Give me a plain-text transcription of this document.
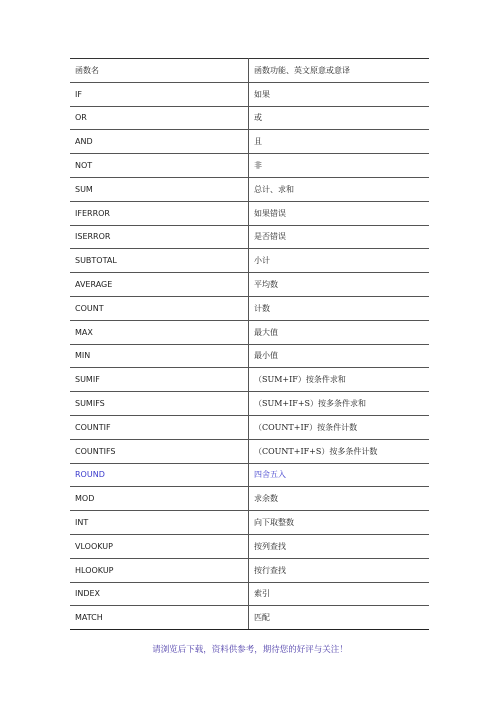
函数名	函数功能、英文原意或意译
IF	如果
OR	或
AND	且
NOT	非
SUM	总计、求和
IFERROR	如果错误
ISERROR	是否错误
SUBTOTAL	小计
AVERAGE	平均数
COUNT	计数
MAX	最大值
MIN	最小值
SUMIF	（SUM+IF）按条件求和
SUMIFS	（SUM+IF+S）按多条件求和
COUNTIF	（COUNT+IF）按条件计数
COUNTIFS	（COUNT+IF+S）按多条件计数
ROUND	四舍五入
MOD	求余数
INT	向下取整数
VLOOKUP	按列查找
HLOOKUP	按行查找
INDEX	索引
MATCH	匹配
请浏览后下载，资料供参考，期待您的好评与关注！
